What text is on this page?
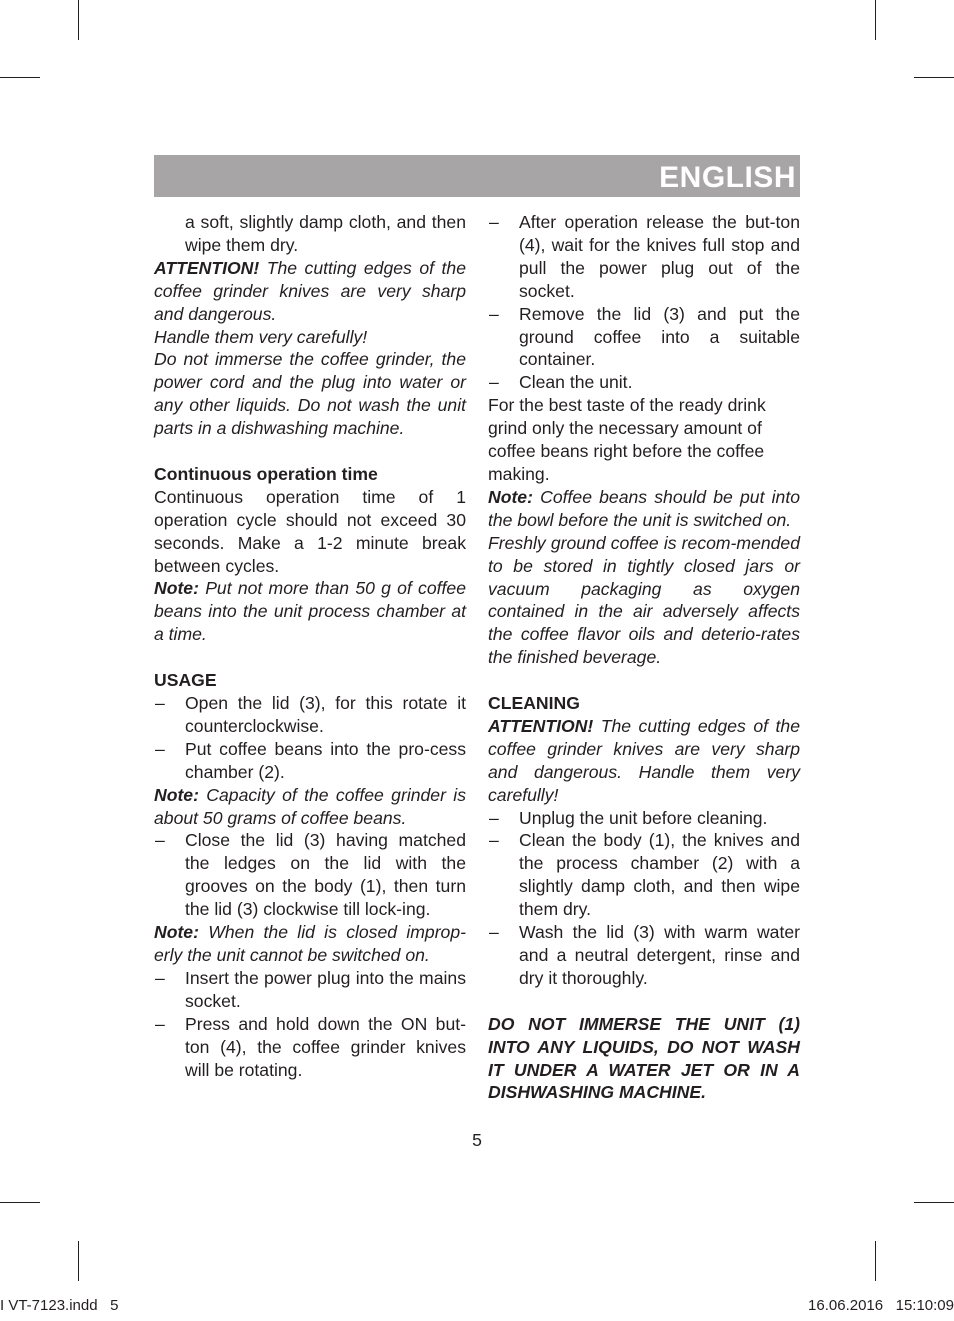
ENGLISH

a soft, slightly damp cloth, and then wipe them dry.

ATTENTION! The cutting edges of the coffee grinder knives are very sharp and dangerous.

Handle them very carefully!

Do not immerse the coffee grinder, the power cord and the plug into water or any other liquids. Do not wash the unit parts in a dishwashing machine.

Continuous operation time

Continuous operation time of 1 operation cycle should not exceed 30 seconds. Make a 1-2 minute break between cycles.

Note: Put not more than 50 g of coffee beans into the unit process chamber at a time.

USAGE

– Open the lid (3), for this rotate it counterclockwise.
– Put coffee beans into the pro-cess chamber (2).

Note: Capacity of the coffee grinder is about 50 grams of coffee beans.

– Close the lid (3) having matched the ledges on the lid with the grooves on the body (1), then turn the lid (3) clockwise till lock-ing.

Note: When the lid is closed improp-erly the unit cannot be switched on.

– Insert the power plug into the mains socket.
– Press and hold down the ON but-ton (4), the coffee grinder knives will be rotating.
– After operation release the but-ton (4), wait for the knives full stop and pull the power plug out of the socket.
– Remove the lid (3) and put the ground coffee into a suitable container.
– Clean the unit.

For the best taste of the ready drink grind only the necessary amount of coffee beans right before the coffee making.

Note: Coffee beans should be put into the bowl before the unit is switched on.

Freshly ground coffee is recom-mended to be stored in tightly closed jars or vacuum packaging as oxygen contained in the air adversely affects the coffee flavor oils and deterio-rates the finished beverage.

CLEANING

ATTENTION! The cutting edges of the coffee grinder knives are very sharp and dangerous. Handle them very carefully!

– Unplug the unit before cleaning.
– Clean the body (1), the knives and the process chamber (2) with a slightly damp cloth, and then wipe them dry.
– Wash the lid (3) with warm water and a neutral detergent, rinse and dry it thoroughly.

DO NOT IMMERSE THE UNIT (1) INTO ANY LIQUIDS, DO NOT WASH IT UNDER A WATER JET OR IN A DISHWASHING MACHINE.

5
I VT-7123.indd   5	16.06.2016   15:10:09
